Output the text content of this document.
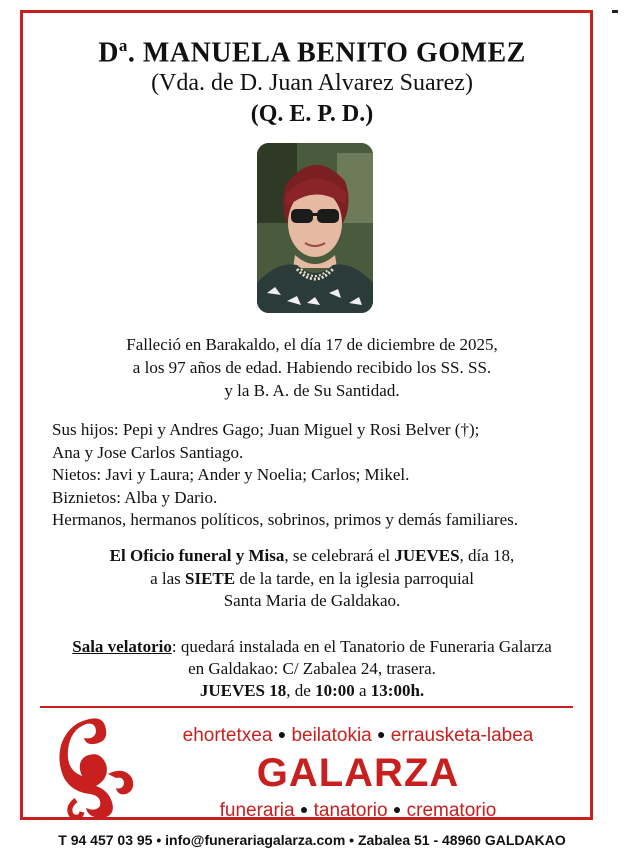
$D^a$. MANUELA BENITO GOMEZ
(Vda. de D. Juan Alvarez Suarez)
(Q. E. P. D.)
Falleció en Barakaldo, el día 17 de diciembre de 2025,
a los 97 años de edad. Habiendo recibido los SS. SS.
y la B. A. de Su Santidad.
Sus hijos: Pepi y Andres Gago; Juan Miguel y Rosi Belver (†);
Ana y Jose Carlos Santiago.
Nietos: Javi y Laura; Ander y Noelia; Carlos; Mikel.
Biznietos: Alba y Dario.
Hermanos, hermanos políticos, sobrinos, primos y demás familiares.
El Oficio funeral y Misa, se celebrará el JUEVES, día 18,
a las SIETE de la tarde, en la iglesia parroquial
Santa Maria de Galdakao.
Sala velatorio: quedará instalada en el Tanatorio de Funeraria Galarza
en Galdakao: C/ Zabalea 24, trasera.
JUEVES 18, de 10:00 a 13:00h.
ehortetxea ● beilatokia ● errausketa-labea
GALARZA
funeraria ● tanatorio ● crematorio
T 94 457 03 95 • info@funerariagalarza.com • Zabalea 51 - 48960 GALDAKAO
